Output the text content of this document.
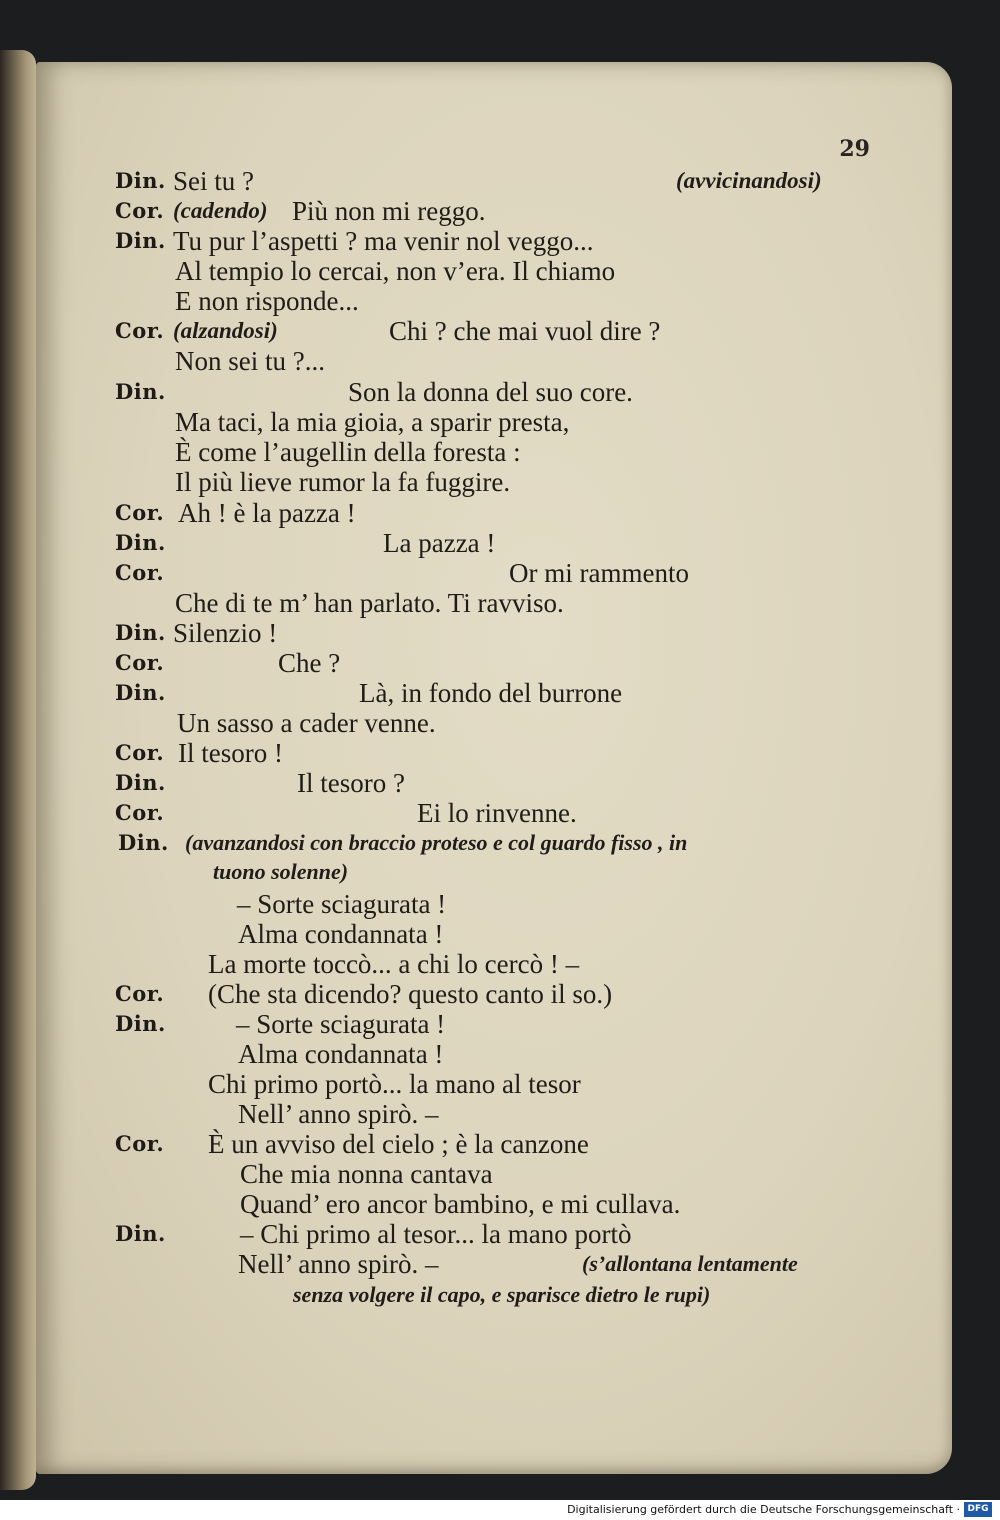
29
Din. Sei tu ?	(avvicinandosi)
Cor. (cadendo) Più non mi reggo.
Din. Tu pur l’aspetti ? ma venir nol veggo...
Al tempio lo cercai, non v’era. Il chiamo
E non risponde...
Cor. (alzandosi)	Chi ? che mai vuol dire ?
Non sei tu ?...
Din.	Son la donna del suo core.
Ma taci, la mia gioia, a sparir presta,
È come l’augellin della foresta :
Il più lieve rumor la fa fuggire.
Cor. Ah ! è la pazza !
Din.	La pazza !
Cor.	Or mi rammento
Che di te m’ han parlato. Ti ravviso.
Din. Silenzio !
Cor.	Che ?
Din.	Là, in fondo del burrone
Un sasso a cader venne.
Cor. Il tesoro !
Din.	Il tesoro ?
Cor.	Ei lo rinvenne.
Din. (avanzandosi con braccio proteso e col guardo fisso , in
tuono solenne)
– Sorte sciagurata !
Alma condannata !
La morte toccò... a chi lo cercò ! –
Cor. (Che sta dicendo? questo canto il so.)
Din.	– Sorte sciagurata !
Alma condannata !
Chi primo portò... la mano al tesor
Nell’ anno spirò. –
Cor. È un avviso del cielo ; è la canzone
Che mia nonna cantava
Quand’ ero ancor bambino, e mi cullava.
Din.	– Chi primo al tesor... la mano portò
Nell’ anno spirò. –	(s’allontana lentamente
senza volgere il capo, e sparisce dietro le rupi)
Digitalisierung gefördert durch die Deutsche Forschungsgemeinschaft · DFG
